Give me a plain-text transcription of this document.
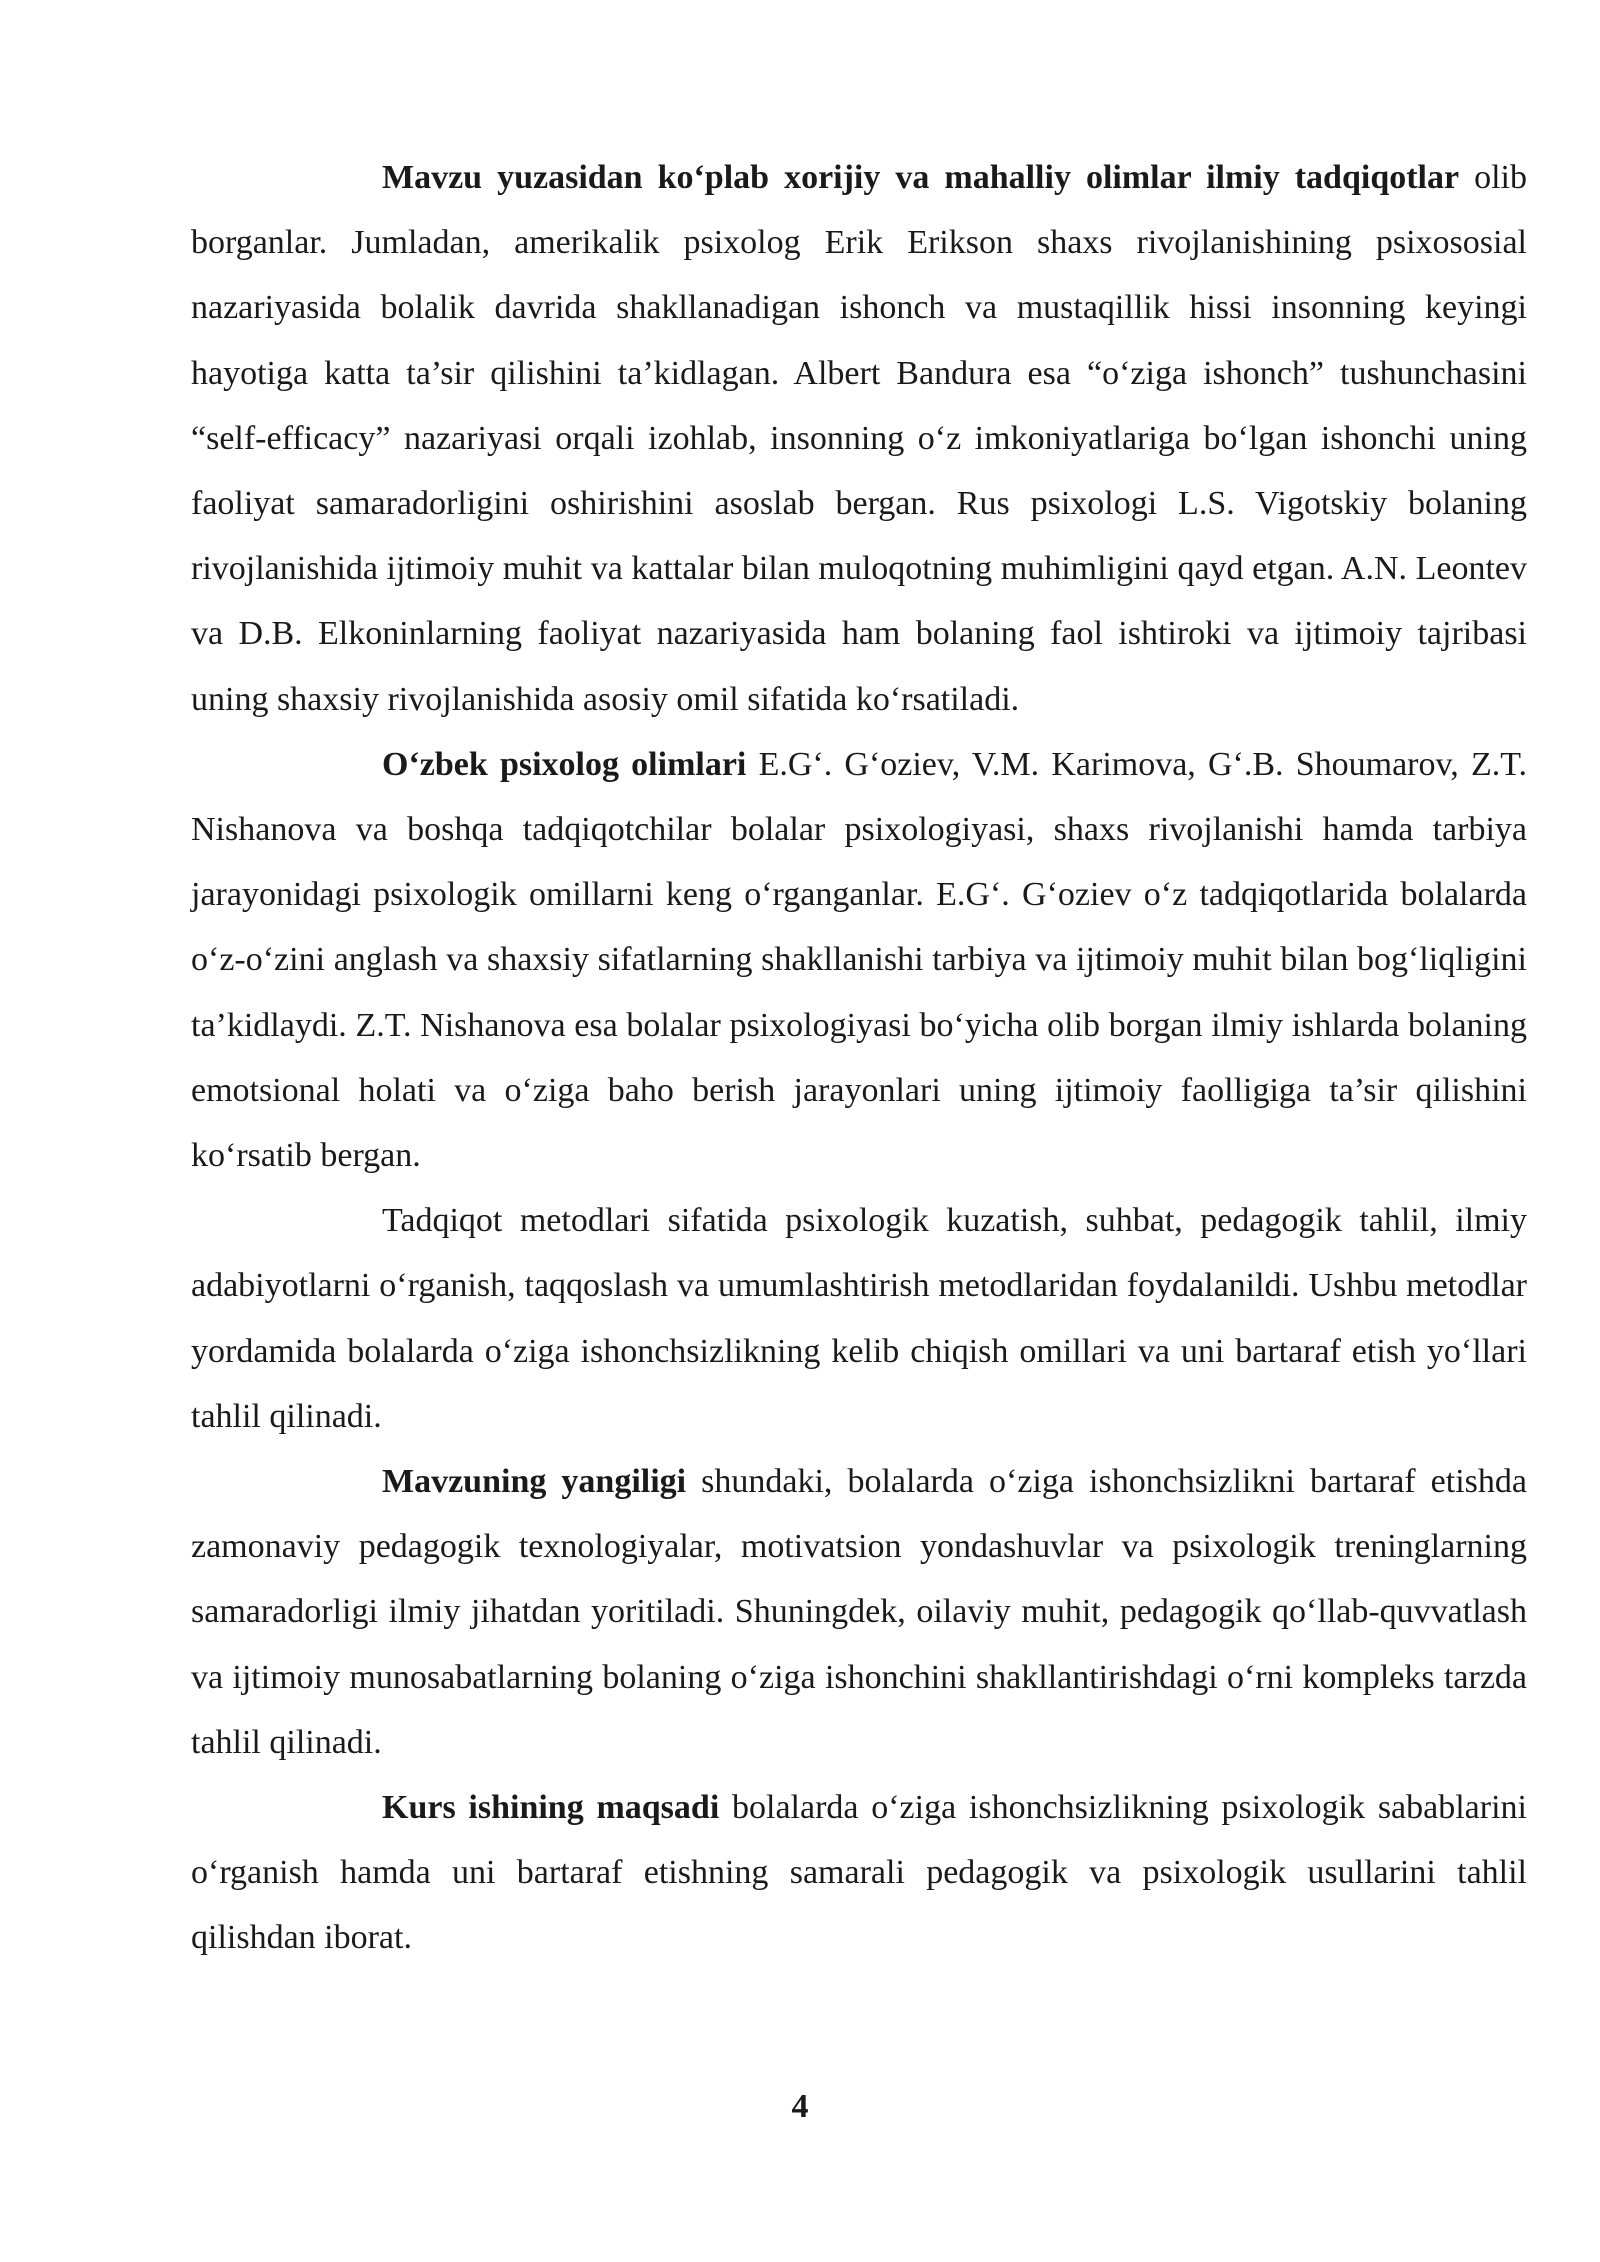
Mavzu yuzasidan ko‘plab xorijiy va mahalliy olimlar ilmiy tadqiqotlar olib borganlar. Jumladan, amerikalik psixolog Erik Erikson shaxs rivojlanishining psixososial nazariyasida bolalik davrida shakllanadigan ishonch va mustaqillik hissi insonning keyingi hayotiga katta ta’sir qilishini ta’kidlagan. Albert Bandura esa “o‘ziga ishonch” tushunchasini “self-efficacy” nazariyasi orqali izohlab, insonning o‘z imkoniyatlariga bo‘lgan ishonchi uning faoliyat samaradorligini oshirishini asoslab bergan. Rus psixologi L.S. Vigotskiy bolaning rivojlanishida ijtimoiy muhit va kattalar bilan muloqotning muhimligini qayd etgan. A.N. Leontev va D.B. Elkoninlarning faoliyat nazariyasida ham bolaning faol ishtiroki va ijtimoiy tajribasi uning shaxsiy rivojlanishida asosiy omil sifatida ko‘rsatiladi.

O‘zbek psixolog olimlari E.G‘. G‘oziev, V.M. Karimova, G‘.B. Shoumarov, Z.T. Nishanova va boshqa tadqiqotchilar bolalar psixologiyasi, shaxs rivojlanishi hamda tarbiya jarayonidagi psixologik omillarni keng o‘rganganlar. E.G‘. G‘oziev o‘z tadqiqotlarida bolalarda o‘z-o‘zini anglash va shaxsiy sifatlarning shakllanishi tarbiya va ijtimoiy muhit bilan bog‘liqligini ta’kidlaydi. Z.T. Nishanova esa bolalar psixologiyasi bo‘yicha olib borgan ilmiy ishlarda bolaning emotsional holati va o‘ziga baho berish jarayonlari uning ijtimoiy faolligiga ta’sir qilishini ko‘rsatib bergan.

Tadqiqot metodlari sifatida psixologik kuzatish, suhbat, pedagogik tahlil, ilmiy adabiyotlarni o‘rganish, taqqoslash va umumlashtirish metodlaridan foydalanildi. Ushbu metodlar yordamida bolalarda o‘ziga ishonchsizlikning kelib chiqish omillari va uni bartaraf etish yo‘llari tahlil qilinadi.

Mavzuning yangiligi shundaki, bolalarda o‘ziga ishonchsizlikni bartaraf etishda zamonaviy pedagogik texnologiyalar, motivatsion yondashuvlar va psixologik treninglarning samaradorligi ilmiy jihatdan yoritiladi. Shuningdek, oilaviy muhit, pedagogik qo‘llab-quvvatlash va ijtimoiy munosabatlarning bolaning o‘ziga ishonchini shakllantirishdagi o‘rni kompleks tarzda tahlil qilinadi.

Kurs ishining maqsadi bolalarda o‘ziga ishonchsizlikning psixologik sabablarini o‘rganish hamda uni bartaraf etishning samarali pedagogik va psixologik usullarini tahlil qilishdan iborat.

4
